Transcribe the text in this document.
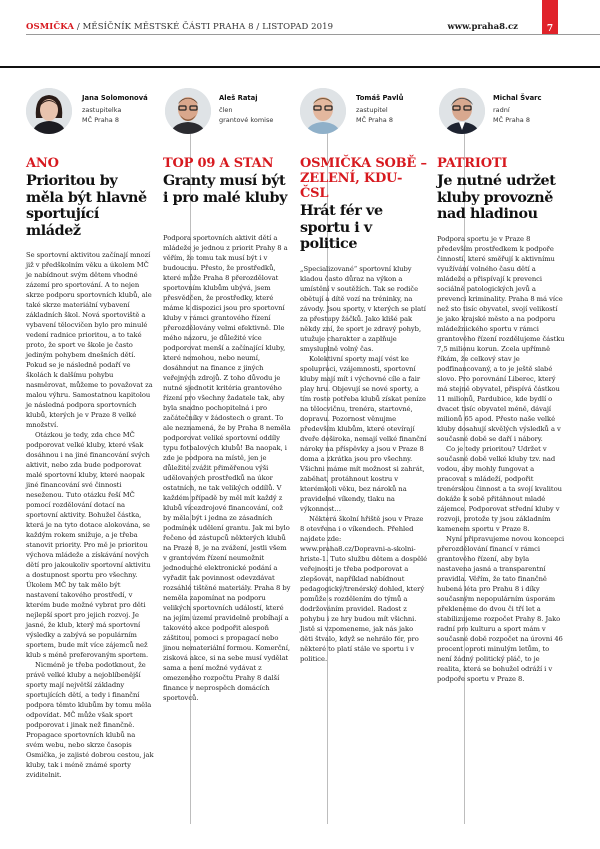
OSMIČKA / MĚSÍČNÍK MĚSTSKÉ ČÁSTI PRAHA 8 / LISTOPAD 2019	www.praha8.cz	7
Jana Solomonová
zastupitelka
MČ Praha 8
ANO
Prioritou by měla být hlavně sportující mládež

Se sportovní aktivitou začínají mnozí již v předškolním věku a úkolem MČ je nabídnout svým dětem vhodné zázemí pro sportování. A to nejen skrze podporu sportovních klubů, ale také skrze materiální vybavení základních škol. Nová sportoviště a vybavení tělocvičen bylo pro minulé vedení radnice prioritou, a to také proto, že sport ve škole je často jediným pohybem dnešních dětí. Pokud se je následně podaří ve školách k dalšímu pohybu nasměrovat, můžeme to považovat za malou výhru. Samostatnou kapitolou je následná podpora sportovních klubů, kterých je v Praze 8 velké množství.

Otázkou je tedy, zda chce MČ podporovat velké kluby, které však dosáhnou i na jiné financování svých aktivit, nebo zda bude podporovat malé sportovní kluby, které naopak jiné financování své činnosti neseženou. Tuto otázku řeší MČ pomocí rozdělování dotací na sportovní aktivity. Bohužel částka, která je na tyto dotace alokována, se každým rokem snižuje, a je třeba stanovit priority. Pro mě je prioritou výchova mládeže a získávání nových dětí pro jakoukoliv sportovní aktivitu a dostupnost sportu pro všechny. Úkolem MČ by tak mělo být nastavení takového prostředí, v kterém bude možné vybrat pro děti nejlepší sport pro jejich rozvoj. Je jasné, že klub, který má sportovní výsledky a zabývá se populárním sportem, bude mít více zájemců než klub s méně preferovaným sportem.

Nicméně je třeba podotknout, že právě velké kluby a nejoblíbenější sporty mají největší základny sportujících dětí, a tedy i finanční podpora těmto klubům by tomu měla odpovídat. MČ může však sport podporovat i jinak než finančně. Propagace sportovních klubů na svém webu, nebo skrze časopis Osmička, je zajisté dobrou cestou, jak kluby, tak i méně známé sporty zviditelnit.

Aleš Rataj
člen
grantové komise
TOP 09 A STAN
Granty musí být i pro malé kluby

Podpora sportovních aktivit dětí a mládeže je jednou z priorit Prahy 8 a věřím, že tomu tak musí být i v budoucnu. Přesto, že prostředků, které může Praha 8 přerozdělovat sportovním klubům ubývá, jsem přesvědčen, že prostředky, které máme k dispozici jsou pro sportovní kluby v rámci grantového řízení přerozdělovány velmi efektivně. Dle mého názoru, je důležité více podporovat menší a začínající kluby, které nemohou, nebo neumí, dosáhnout na finance z jiných veřejných zdrojů. Z toho důvodu je nutné sjednotit kritéria grantového řízení pro všechny žadatele tak, aby byla snadno pochopitelná i pro začátečníky v žádostech o grant. To ale neznamená, že by Praha 8 neměla podporovat veliké sportovní oddíly typu fotbalových klubů! Ba naopak, i zde je podpora na místě, jen je důležité zvážit přiměřenou výši udělovaných prostředků na úkor ostatních, ne tak velikých oddílů. V každém případě by měl mít každý z klubů vícezdrojové financování, což by měla být i jedna ze zásadních podmínek udělení grantu. Jak mi bylo řečeno od zástupců některých klubů na Praze 8, je na zvážení, jestli všem v grantovém řízení neumožnit jednoduché elektronické podání a vyřadit tak povinnost odevzdávat rozsáhlé tištěné materiály. Praha 8 by neměla zapomínat na podporu velikých sportovních událostí, které na jejím území pravidelně probíhají a takovéto akce podpořit alespoň záštitou, pomoci s propagací nebo jinou nemateriální formou. Komerční, zisková akce, si na sebe musí vydělat sama a není možné vydávat z omezeného rozpočtu Prahy 8 další finance v neprospěch domácích sportovců.

Tomáš Pavlů
zastupitel
MČ Praha 8
OSMIČKA SOBĚ – ZELENÍ, KDU-ČSL
Hrát fér ve sportu i v politice

„Specializované“ sportovní kluby kladou často důraz na výkon a umístění v soutěžích. Tak se rodiče obětují a dítě vozí na tréninky, na závody. Jsou sporty, v kterých se platí za přestupy žáčků. Jako klišé pak někdy zní, že sport je zdravý pohyb, utužuje charakter a zaplňuje smysluplně volný čas.

Kolektivní sporty mají vést ke spolupráci, vzájemnosti, sportovní kluby mají mít i výchovné cíle a fair play hru. Objevují se nové sporty, a tím roste potřeba klubů získat peníze na tělocvičnu, trenéra, startovné, dopravu. Pozornost věnujme především klubům, které otevírají dveře doširoka, nemají velké finanční nároky na příspěvky a jsou v Praze 8 doma a zkrátka jsou pro všechny. Všichni máme mít možnost si zahrát, zaběhat, protáhnout kostru v kterémkoli věku, bez nároků na pravidelné víkendy, tlaku na výkonnost…

Některá školní hřiště jsou v Praze 8 otevřena i o víkendech. Přehled najdete zde: www.praha8.cz/Dopravni-a-skolni-hriste-1. Tuto službu dětem a dospělé veřejnosti je třeba podporovat a zlepšovat, například nabídnout pedagogický/trenérský dohled, který pomůže s rozdělením do týmů a dodržováním pravidel. Radost z pohybu i ze hry budou mít všichni. Jistě si vzpomeneme, jak nás jako děti štvalo, když se nehrálo fér, pro některé to platí stále ve sportu i v politice.

Michal Švarc
radní
MČ Praha 8
PATRIOTI
Je nutné udržet kluby provozně nad hladinou

Podpora sportu je v Praze 8 především prostředkem k podpoře činností, které směřují k aktivnímu využívání volného času dětí a mládeže a přispívají k prevenci sociálně patologických jevů a prevenci kriminality. Praha 8 má více než sto tisíc obyvatel, svojí velikostí je jako krajské město a na podporu mládežnického sportu v rámci grantového řízení rozdělujeme částku 7,5 milionu korun. Zcela upřímně říkám, že celkový stav je podfinancovaný, a to je ještě slabé slovo. Pro porovnání Liberec, který má stejně obyvatel, přispívá částkou 11 milionů, Pardubice, kde bydlí o dvacet tisíc obyvatel méně, dávají milionů 65 apod. Přesto naše velké kluby dosahují skvělých výsledků a v současné době se daří i nábory.

Co je tedy prioritou? Udržet v současné době velké kluby tzv. nad vodou, aby mohly fungovat a pracovat s mládeží, podpořit trenérskou činnost a ta svojí kvalitou dokáže k sobě přitáhnout mladé zájemce. Podporovat střední kluby v rozvoji, protože ty jsou základním kamenem sportu v Praze 8.

Nyní připravujeme novou koncepci přerozdělování financí v rámci grantového řízení, aby byla nastavena jasná a transparentní pravidla. Věřím, že tato finančně hubená léta pro Prahu 8 i díky současným nepopulárním úsporám překleneme do dvou či tří let a stabilizujeme rozpočet Prahy 8. Jako radní pro kulturu a sport mám v současné době rozpočet na úrovni 46 procent oproti minulým letům, to není žádný politický pláč, to je realita, která se bohužel odráží i v podpoře sportu v Praze 8.
